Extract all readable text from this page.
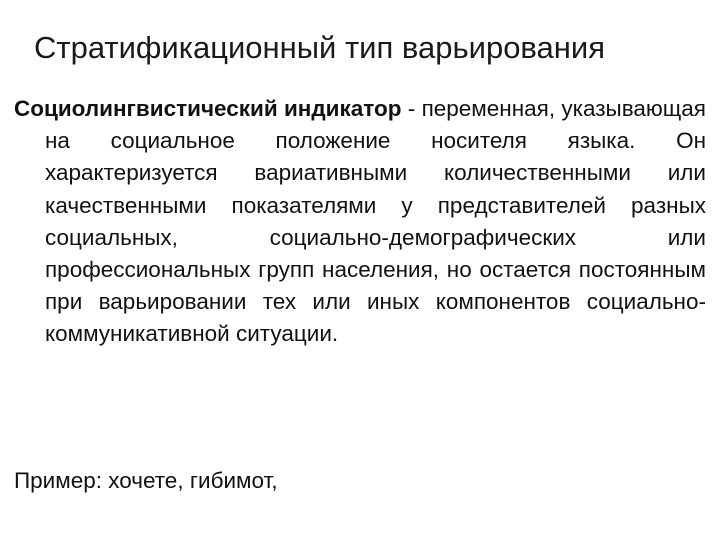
Стратификационный тип варьирования

Социолингвистический индикатор - переменная, указывающая на социальное положение носителя языка. Он характеризуется вариативными количественными или качественными показателями у представителей разных социальных, социально-демографических или профессиональных групп населения, но остается постоянным при варьировании тех или иных компонентов социально-коммуникативной ситуации.

Пример: хочете, гибимот,
